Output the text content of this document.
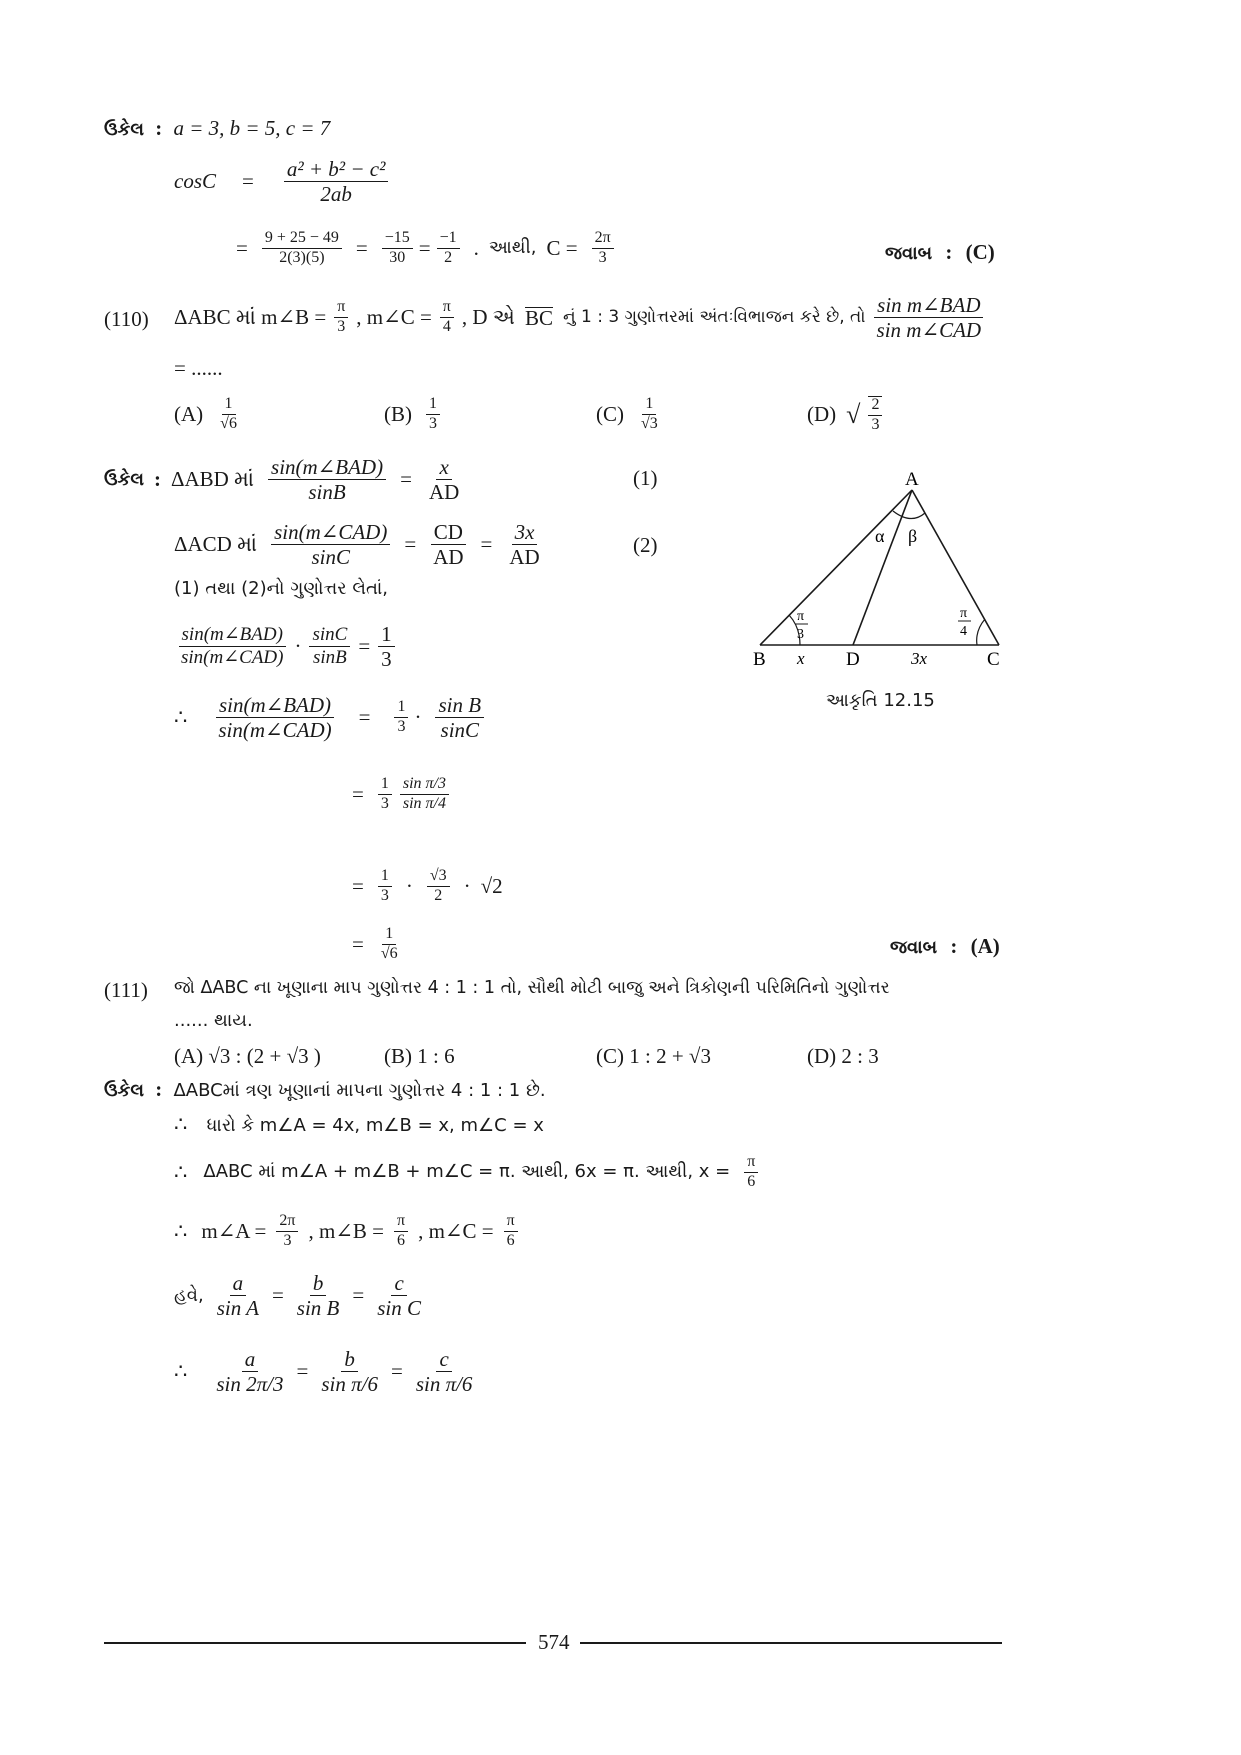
ઉકેલ : a = 3, b = 5, c = 7
$\cos C = \frac{\text{a² + b² − c²}}{2ab}$
= $\frac{9 + 25 - 49}{2(3)(5)} = \frac{-15}{30} = \frac{-1}{2}$ . આથી, $C = \frac{2\pi}{3}$	જવાબ : (C)
(110) ΔABC માં m∠B = $\frac{\pi}{3}$ , m∠C = $\frac{\pi}{4}$ , D એ BC નું 1 : 3 ગુણોત્તરમાં અંતઃવિભાજન કરે છે, તો $\frac{\text{sin m∠BAD}}{\text{sin m∠CAD}}$
= ......
$(A) \frac{1}{√6}$	$(B) \frac{1}{3}$	$(C) \frac{1}{√3}$	(D) √ $\frac{2}{3}$
ઉકેલ : ΔABD માં $\frac{\text{sin(m∠BAD)}}{\sin B} = \frac{x}{AD}$	(1)
ΔACD માં $\frac{\text{sin(m∠CAD)}}{\sin C} = \frac{CD}{AD} = \frac{3x}{AD}$	(2)
(1) તથા (2)નો ગુણોત્તર લેતાં,
$\frac{\text{sin(m∠BAD)}}{\text{sin(m∠CAD)}} \cdot \frac{\sin C}{\sin B} = \frac{1}{3}$
∴ $\frac{\text{sin(m∠BAD)}}{\text{sin(m∠CAD)}} = \frac{1}{3} \cdot \frac{\text{sin B}}{\sin C}$
= $\frac{1}{3} \frac{\text{sin π/3}}{\text{sin π/4}}$
= $\frac{1}{3} \cdot \frac{√3}{2} \cdot √2$
= $\frac{1}{√6}$	જવાબ : (A)
A
B	D	C
α β
π
3
π
4
x	3x
આકૃતિ 12.15
(111) જો ΔABC ના ખૂણાના માપ ગુણોત્તર 4 : 1 : 1 તો, સૌથી મોટી બાજુ અને ત્રિકોણની પરિમિતિનો ગુણોત્તર
...... થાય.
(A) √3 : (2 + √3 )	(B) 1 : 6	(C) 1 : 2 + √3	(D) 2 : 3
ઉકેલ : ΔABCમાં ત્રણ ખૂણાનાં માપના ગુણોત્તર 4 : 1 : 1 છે.
∴ ધારો કે m∠A = 4x, m∠B = x, m∠C = x
∴ ΔABC માં m∠A + m∠B + m∠C = π. આથી, 6x = π. આથી, $x = \frac{\pi}{6}$
∴ m∠A = $\frac{2\pi}{3}$ , m∠B = $\frac{\pi}{6}$ , m∠C = $\frac{\pi}{6}$
હવે, $\frac{a}{\text{sin A}} = \frac{b}{\text{sin B}} = \frac{c}{\text{sin C}}$
∴ $\frac{a}{\sin 2\pi/3} = \frac{b}{\text{sin π/6}} = \frac{c}{\text{sin π/6}}$
574
